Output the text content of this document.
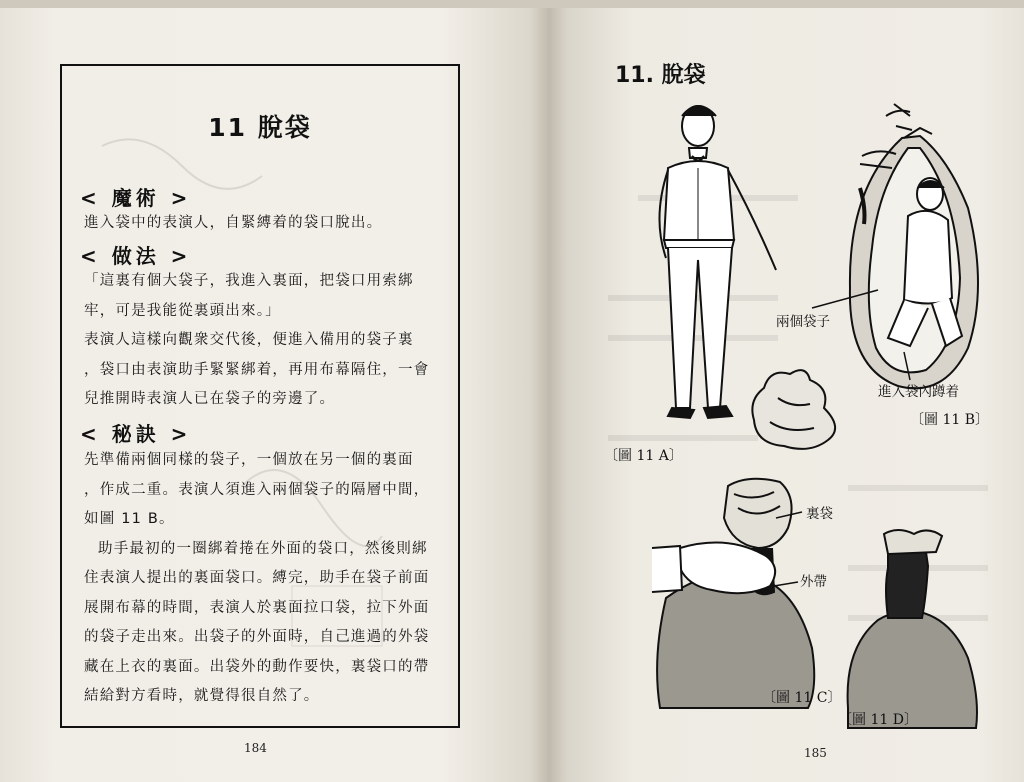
11 脫袋
< 魔術 >
進入袋中的表演人，自緊縛着的袋口脫出。
< 做法 >
「這裏有個大袋子，我進入裏面，把袋口用索綁
牢，可是我能從裏頭出來。」
表演人這樣向觀衆交代後，便進入備用的袋子裏
，袋口由表演助手緊緊綁着，再用布幕隔住，一會
兒推開時表演人已在袋子的旁邊了。
< 秘訣 >
先準備兩個同樣的袋子，一個放在另一個的裏面
，作成二重。表演人須進入兩個袋子的隔層中間，
如圖 11 B。
助手最初的一圈綁着捲在外面的袋口，然後則綁
住表演人提出的裏面袋口。縛完，助手在袋子前面
展開布幕的時間，表演人於裏面拉口袋，拉下外面
的袋子走出來。出袋子的外面時，自己進過的外袋
藏在上衣的裏面。出袋外的動作要快，裏袋口的帶
結給對方看時，就覺得很自然了。
184
11. 脫袋
〔圖 11 A〕
兩個袋子
進入袋內蹲着
〔圖 11 B〕
裏袋
外帶
〔圖 11 C〕
〔圖 11 D〕
185
